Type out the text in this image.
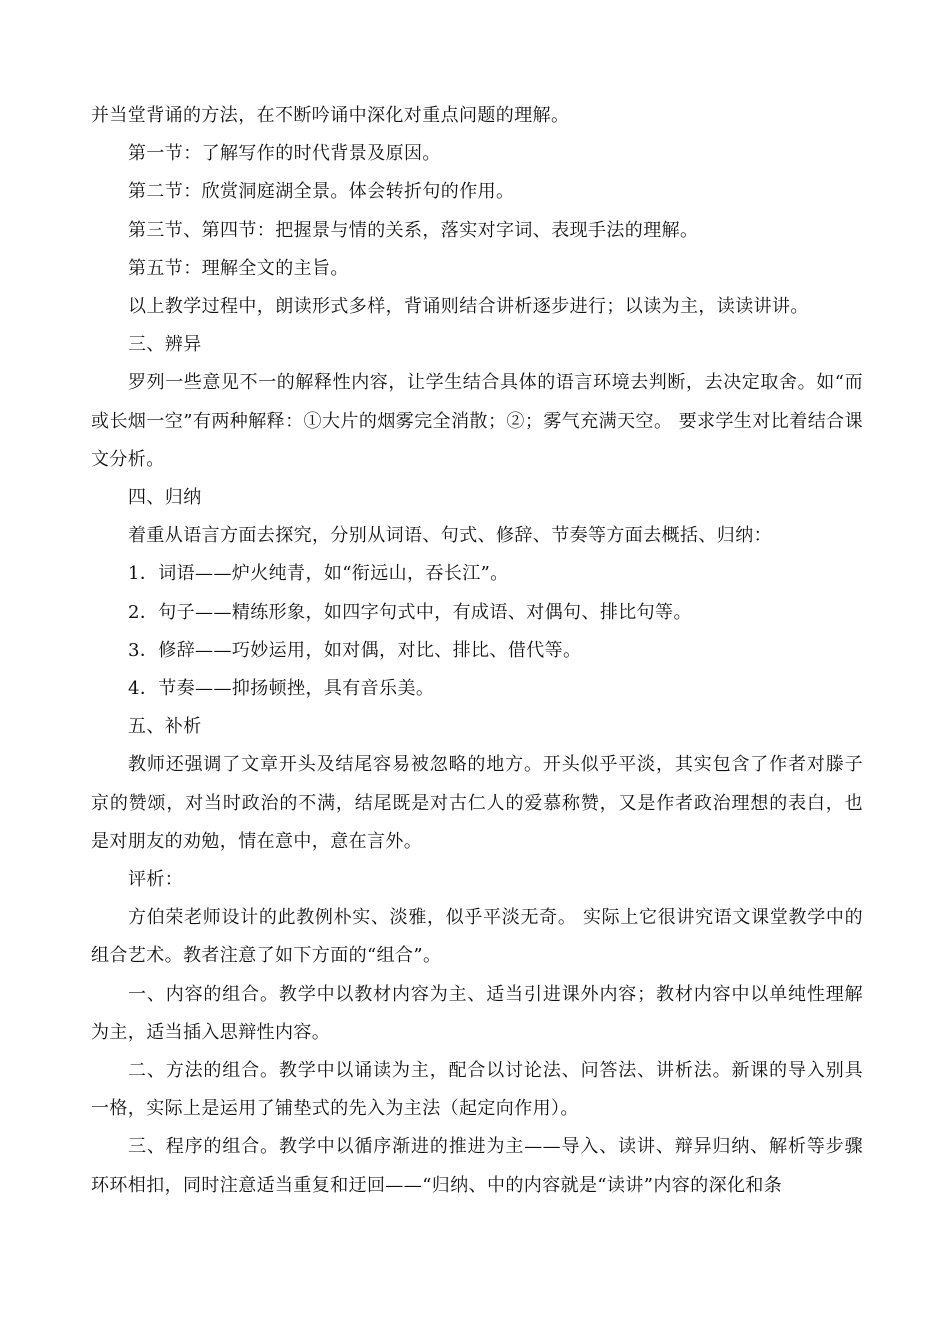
并当堂背诵的方法，在不断吟诵中深化对重点问题的理解。

第一节：了解写作的时代背景及原因。

第二节：欣赏洞庭湖全景。体会转折句的作用。

第三节、第四节：把握景与情的关系，落实对字词、表现手法的理解。

第五节：理解全文的主旨。

以上教学过程中，朗读形式多样，背诵则结合讲析逐步进行；以读为主，读读讲讲。

三、辨异

罗列一些意见不一的解释性内容，让学生结合具体的语言环境去判断，去决定取舍。如“而或长烟一空”有两种解释：①大片的烟雾完全消散；②；雾气充满天空。 要求学生对比着结合课文分析。

四、归纳

着重从语言方面去探究，分别从词语、句式、修辞、节奏等方面去概括、归纳：

1．词语——炉火纯青，如“衔远山，吞长江”。

2．句子——精练形象，如四字句式中，有成语、对偶句、排比句等。

3．修辞——巧妙运用，如对偶，对比、排比、借代等。

4．节奏——抑扬顿挫，具有音乐美。

五、补析

教师还强调了文章开头及结尾容易被忽略的地方。开头似乎平淡，其实包含了作者对滕子京的赞颂，对当时政治的不满，结尾既是对古仁人的爱慕称赞，又是作者政治理想的表白，也是对朋友的劝勉，情在意中，意在言外。

评析：

方伯荣老师设计的此教例朴实、淡雅，似乎平淡无奇。 实际上它很讲究语文课堂教学中的组合艺术。教者注意了如下方面的“组合”。

一、内容的组合。教学中以教材内容为主、适当引进课外内容；教材内容中以单纯性理解为主，适当插入思辩性内容。

二、方法的组合。教学中以诵读为主，配合以讨论法、问答法、讲析法。新课的导入别具一格，实际上是运用了铺垫式的先入为主法（起定向作用）。

三、程序的组合。教学中以循序渐进的推进为主——导入、读讲、辩异归纳、解析等步骤环环相扣，同时注意适当重复和迂回——“归纳、中的内容就是“读讲”内容的深化和条
